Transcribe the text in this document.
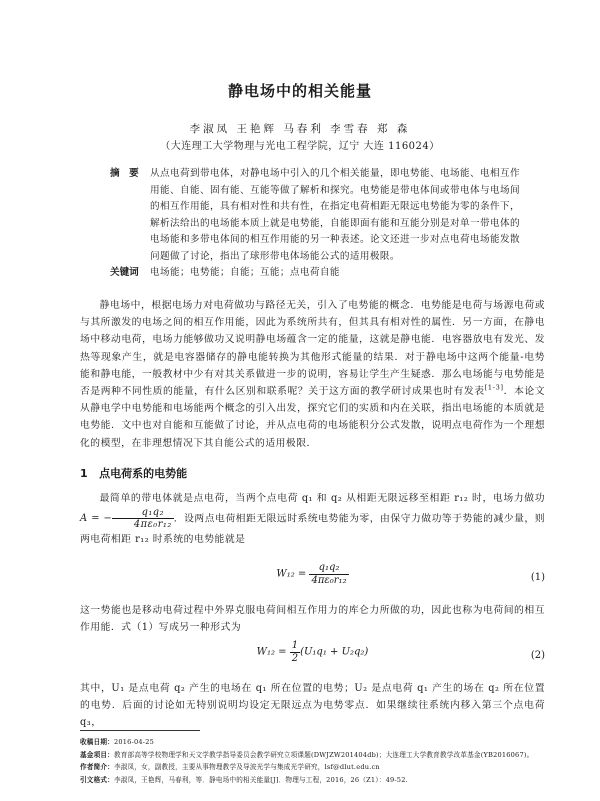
静电场中的相关能量
李淑凤 王艳辉 马春利 李雪春 郑 森
（大连理工大学物理与光电工程学院，辽宁 大连 116024）
摘　要	从点电荷到带电体，对静电场中引入的几个相关能量，即电势能、电场能、电相互作用能、自能、固有能、互能等做了解析和探究。电势能是带电体间或带电体与电场间的相互作用能，具有相对性和共有性，在指定电荷相距无限远电势能为零的条件下，解析法给出的电场能本质上就是电势能，自能即面有能和互能分别是对单一带电体的电场能和多带电体间的相互作用能的另一种表述。论文还进一步对点电荷电场能发散问题做了讨论，指出了球形带电体场能公式的适用极限。
关键词	电场能；电势能；自能；互能；点电荷自能
静电场中，根据电场力对电荷做功与路径无关，引入了电势能的概念．电势能是电荷与场源电荷或与其所激发的电场之间的相互作用能，因此为系统所共有，但其具有相对性的属性．另一方面，在静电场中移动电荷，电场力能够做功又说明静电场蕴含一定的能量，这就是静电能．电容器放电有发光、发热等现象产生，就是电容器储存的静电能转换为其他形式能量的结果．对于静电场中这两个能量-电势能和静电能，一般教材中少有对其关系做进一步的说明，容易让学生产生疑惑．那么电场能与电势能是否是两种不同性质的能量，有什么区别和联系呢？关于这方面的教学研讨成果也时有发表[1-3]．本论文从静电学中电势能和电场能两个概念的引入出发，探究它们的实质和内在关联，指出电场能的本质就是电势能．文中也对自能和互能做了讨论，并从点电荷的电场能积分公式发散，说明点电荷作为一个理想化的模型，在非理想情况下其自能公式的适用极限．
1 点电荷系的电势能
最简单的带电体就是点电荷，当两个点电荷 q₁ 和 q₂ 从相距无限远移至相距 r₁₂ 时，电场力做功 A = − $\frac{\text{q₁q₂}}{\text{4πε₀r₁₂}}$ ．设两点电荷相距无限远时系统电势能为零，由保守力做功等于势能的减少量，则两电荷相距 r₁₂ 时系统的电势能就是
$W_{12} = \frac{\text{q₁q₂}}{\text{4πε₀r₁₂}}$	(1)
这一势能也是移动电荷过程中外界克服电荷间相互作用力的库仑力所做的功，因此也称为电荷间的相互作用能．式（1）写成另一种形式为
$W_{12} = \frac{1}{2} (U_1q_1 + U_2q_2)$	(2)
其中，U₁ 是点电荷 q₂ 产生的电场在 q₁ 所在位置的电势；U₂ 是点电荷 q₁ 产生的场在 q₂ 所在位置的电势．后面的讨论如无特别说明均设定无限远点为电势零点．如果继续往系统内移入第三个点电荷 q₃，
收稿日期：2016-04-25
基金项目：教育部高等学校物理学和天文学教学指导委员会教学研究立项课题(DWJZW201404db)；大连理工大学教育教学改革基金(YB2016067)。
作者简介：李淑凤，女，副教授，主要从事物理教学及导波光学与集成光学研究，lsf@dlut.edu.cn
引文格式：李淑凤，王艳辉，马春利，等．静电场中的相关能量[J]．物理与工程，2016，26（Z1）：49-52.
